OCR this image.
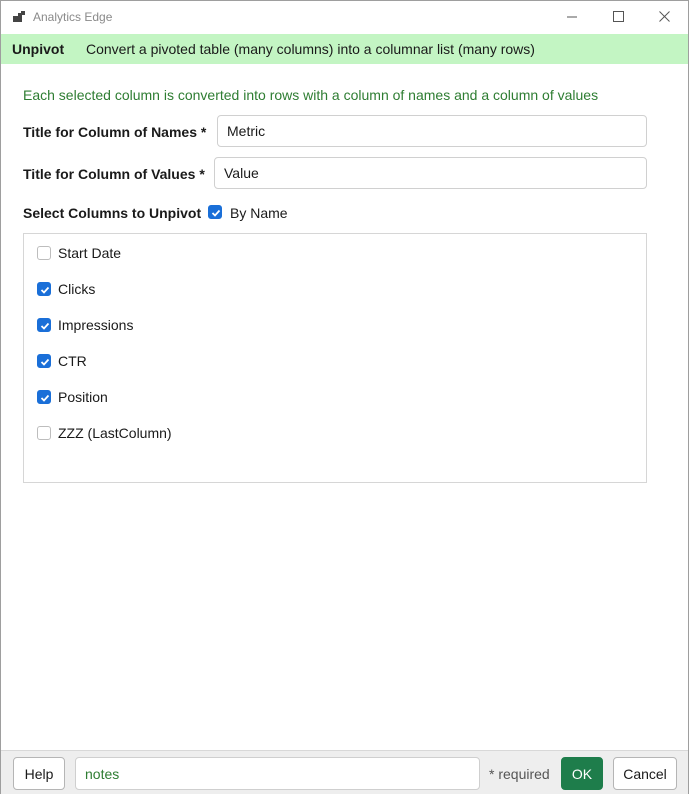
Analytics Edge
Unpivot Convert a pivoted table (many columns) into a columnar list (many rows)
Each selected column is converted into rows with a column of names and a column of values
Title for Column of Names *
Metric
Title for Column of Values *
Value
Select Columns to Unpivot By Name
Start Date
Clicks
Impressions
CTR
Position
ZZZ (LastColumn)
Help
notes	* required	OK	Cancel
